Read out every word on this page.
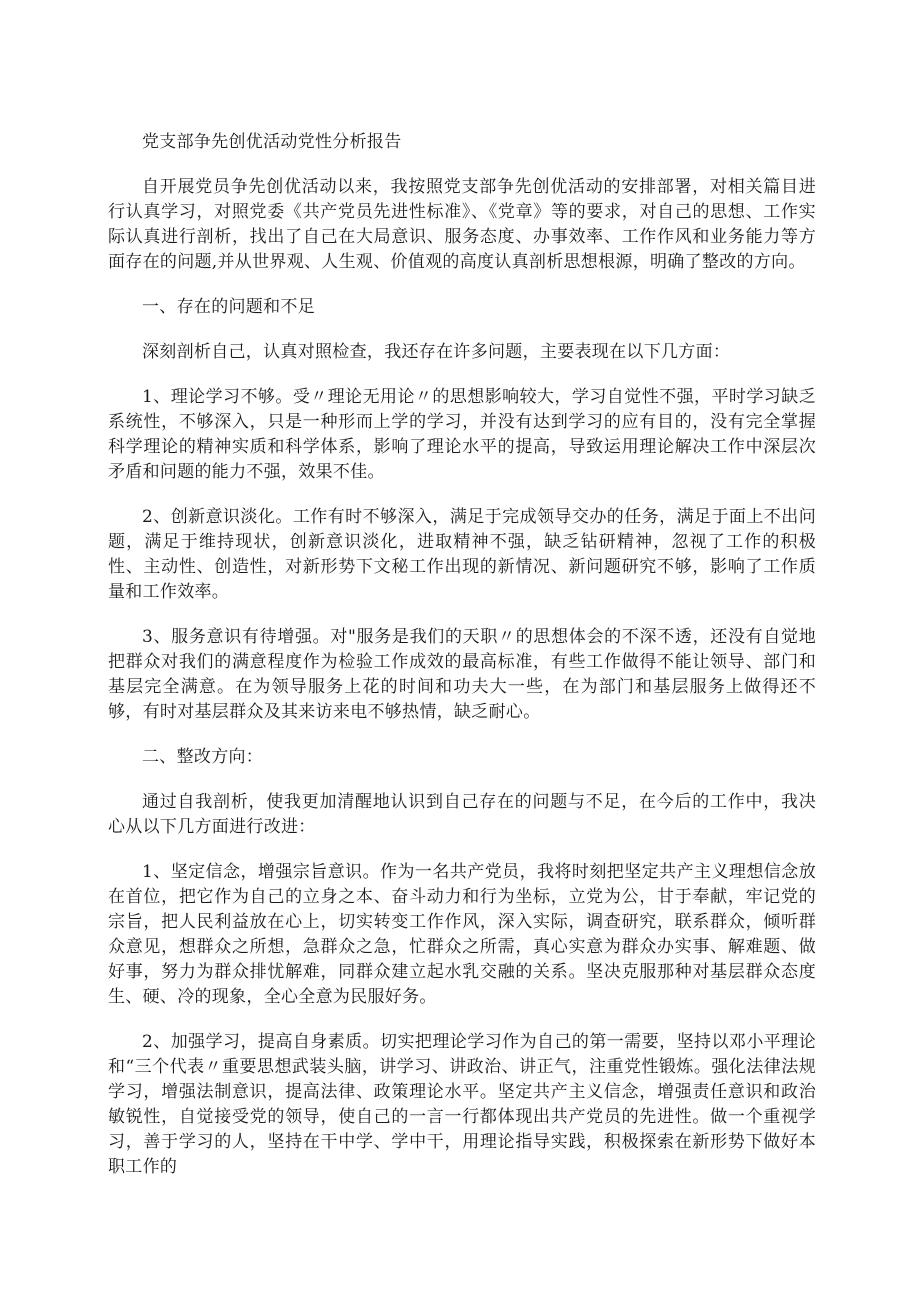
党支部争先创优活动党性分析报告

自开展党员争先创优活动以来，我按照党支部争先创优活动的安排部署，对相关篇目进行认真学习，对照党委《共产党员先进性标准》、《党章》等的要求，对自己的思想、工作实际认真进行剖析，找出了自己在大局意识、服务态度、办事效率、工作作风和业务能力等方面存在的问题,并从世界观、人生观、价值观的高度认真剖析思想根源，明确了整改的方向。

一、存在的问题和不足

深刻剖析自己，认真对照检查，我还存在许多问题，主要表现在以下几方面：

1、理论学习不够。受〃理论无用论〃的思想影响较大，学习自觉性不强，平时学习缺乏系统性，不够深入，只是一种形而上学的学习，并没有达到学习的应有目的，没有完全掌握科学理论的精神实质和科学体系，影响了理论水平的提高，导致运用理论解决工作中深层次矛盾和问题的能力不强，效果不佳。

2、创新意识淡化。工作有时不够深入，满足于完成领导交办的任务，满足于面上不出问题，满足于维持现状，创新意识淡化，进取精神不强，缺乏钻研精神，忽视了工作的积极性、主动性、创造性，对新形势下文秘工作出现的新情况、新问题研究不够，影响了工作质量和工作效率。

3、服务意识有待增强。对"服务是我们的天职〃的思想体会的不深不透，还没有自觉地把群众对我们的满意程度作为检验工作成效的最高标准，有些工作做得不能让领导、部门和基层完全满意。在为领导服务上花的时间和功夫大一些，在为部门和基层服务上做得还不够，有时对基层群众及其来访来电不够热情，缺乏耐心。

二、整改方向：

通过自我剖析，使我更加清醒地认识到自己存在的问题与不足，在今后的工作中，我决心从以下几方面进行改进：

1、坚定信念，增强宗旨意识。作为一名共产党员，我将时刻把坚定共产主义理想信念放在首位，把它作为自己的立身之本、奋斗动力和行为坐标，立党为公，甘于奉献，牢记党的宗旨，把人民利益放在心上，切实转变工作作风，深入实际，调查研究，联系群众，倾听群众意见，想群众之所想，急群众之急，忙群众之所需，真心实意为群众办实事、解难题、做好事，努力为群众排忧解难，同群众建立起水乳交融的关系。坚决克服那种对基层群众态度生、硬、冷的现象，全心全意为民服好务。

2、加强学习，提高自身素质。切实把理论学习作为自己的第一需要，坚持以邓小平理论和“三个代表〃重要思想武装头脑，讲学习、讲政治、讲正气，注重党性锻炼。强化法律法规学习，增强法制意识，提高法律、政策理论水平。坚定共产主义信念，增强责任意识和政治敏锐性，自觉接受党的领导，使自己的一言一行都体现出共产党员的先进性。做一个重视学习，善于学习的人，坚持在干中学、学中干，用理论指导实践，积极探索在新形势下做好本职工作的
